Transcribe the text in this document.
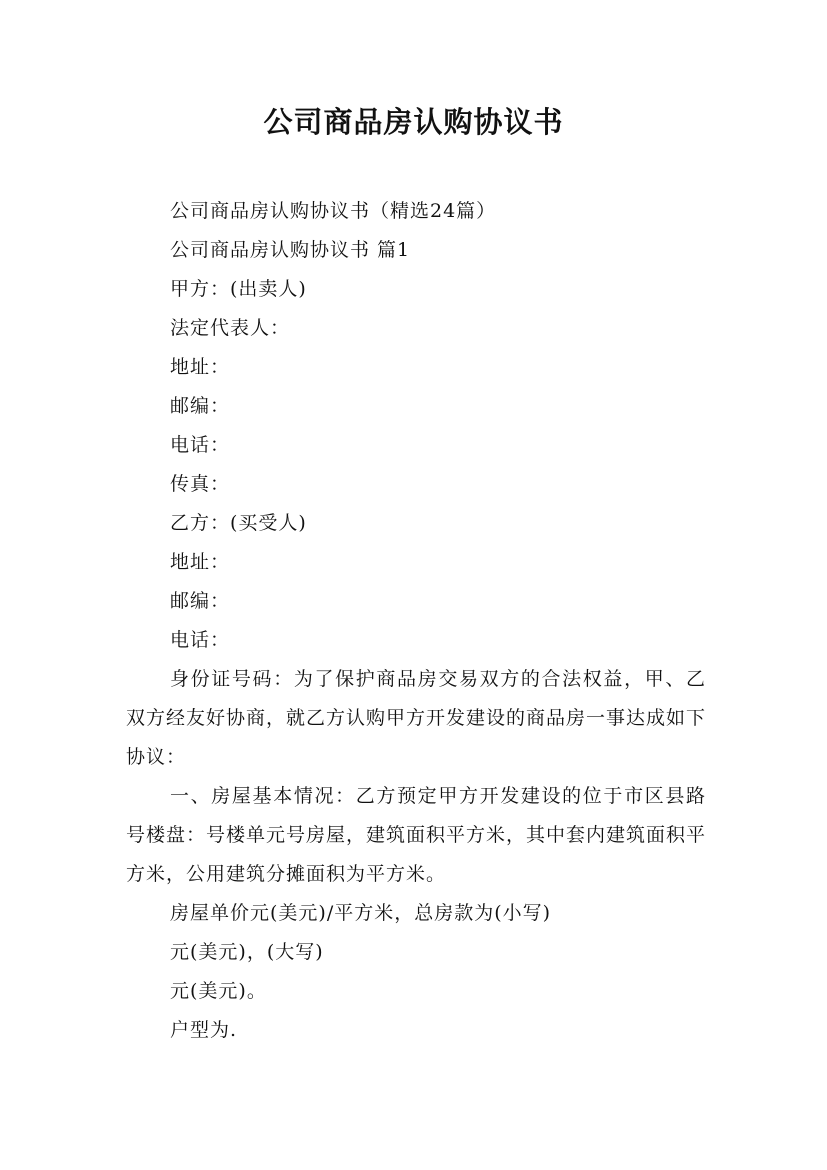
公司商品房认购协议书

公司商品房认购协议书（精选24篇）

公司商品房认购协议书 篇1

甲方：(出卖人)

法定代表人：

地址：

邮编：

电话：

传真：

乙方：(买受人)

地址：

邮编：

电话：

身份证号码：为了保护商品房交易双方的合法权益，甲、乙双方经友好协商，就乙方认购甲方开发建设的商品房一事达成如下协议：

一、房屋基本情况：乙方预定甲方开发建设的位于市区县路号楼盘：号楼单元号房屋，建筑面积平方米，其中套内建筑面积平方米，公用建筑分摊面积为平方米。

房屋单价元(美元)/平方米，总房款为(小写)

元(美元)，(大写)

元(美元)。

户型为.
